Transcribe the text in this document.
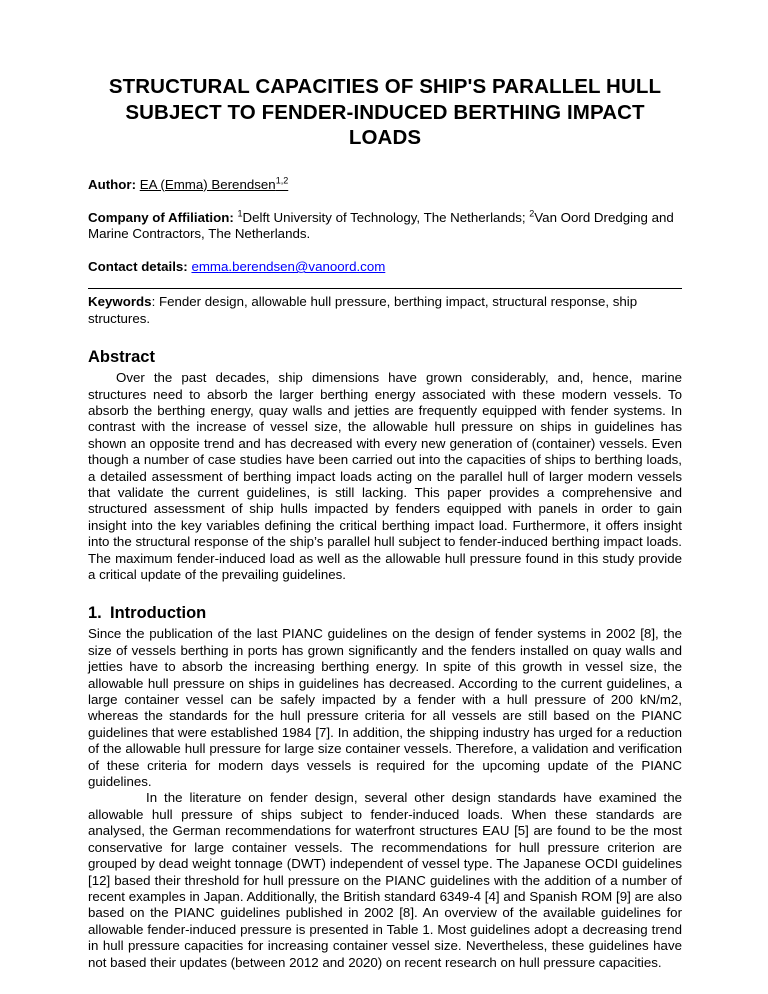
STRUCTURAL CAPACITIES OF SHIP'S PARALLEL HULL SUBJECT TO FENDER-INDUCED BERTHING IMPACT LOADS
Author: EA (Emma) Berendsen$^{1,2}$
Company of Affiliation: $^1$Delft University of Technology, The Netherlands; $^2$Van Oord Dredging and Marine Contractors, The Netherlands.
Contact details: emma.berendsen@vanoord.com
Keywords: Fender design, allowable hull pressure, berthing impact, structural response, ship structures.
Abstract

Over the past decades, ship dimensions have grown considerably, and, hence, marine structures need to absorb the larger berthing energy associated with these modern vessels. To absorb the berthing energy, quay walls and jetties are frequently equipped with fender systems. In contrast with the increase of vessel size, the allowable hull pressure on ships in guidelines has shown an opposite trend and has decreased with every new generation of (container) vessels. Even though a number of case studies have been carried out into the capacities of ships to berthing loads, a detailed assessment of berthing impact loads acting on the parallel hull of larger modern vessels that validate the current guidelines, is still lacking. This paper provides a comprehensive and structured assessment of ship hulls impacted by fenders equipped with panels in order to gain insight into the key variables defining the critical berthing impact load. Furthermore, it offers insight into the structural response of the ship’s parallel hull subject to fender-induced berthing impact loads. The maximum fender-induced load as well as the allowable hull pressure found in this study provide a critical update of the prevailing guidelines.

1. Introduction

Since the publication of the last PIANC guidelines on the design of fender systems in 2002 [8], the size of vessels berthing in ports has grown significantly and the fenders installed on quay walls and jetties have to absorb the increasing berthing energy. In spite of this growth in vessel size, the allowable hull pressure on ships in guidelines has decreased. According to the current guidelines, a large container vessel can be safely impacted by a fender with a hull pressure of 200 kN/m2, whereas the standards for the hull pressure criteria for all vessels are still based on the PIANC guidelines that were established 1984 [7]. In addition, the shipping industry has urged for a reduction of the allowable hull pressure for large size container vessels. Therefore, a validation and verification of these criteria for modern days vessels is required for the upcoming update of the PIANC guidelines.

In the literature on fender design, several other design standards have examined the allowable hull pressure of ships subject to fender-induced loads. When these standards are analysed, the German recommendations for waterfront structures EAU [5] are found to be the most conservative for large container vessels. The recommendations for hull pressure criterion are grouped by dead weight tonnage (DWT) independent of vessel type. The Japanese OCDI guidelines [12] based their threshold for hull pressure on the PIANC guidelines with the addition of a number of recent examples in Japan. Additionally, the British standard 6349-4 [4] and Spanish ROM [9] are also based on the PIANC guidelines published in 2002 [8]. An overview of the available guidelines for allowable fender-induced pressure is presented in Table 1. Most guidelines adopt a decreasing trend in hull pressure capacities for increasing container vessel size. Nevertheless, these guidelines have not based their updates (between 2012 and 2020) on recent research on hull pressure capacities.
